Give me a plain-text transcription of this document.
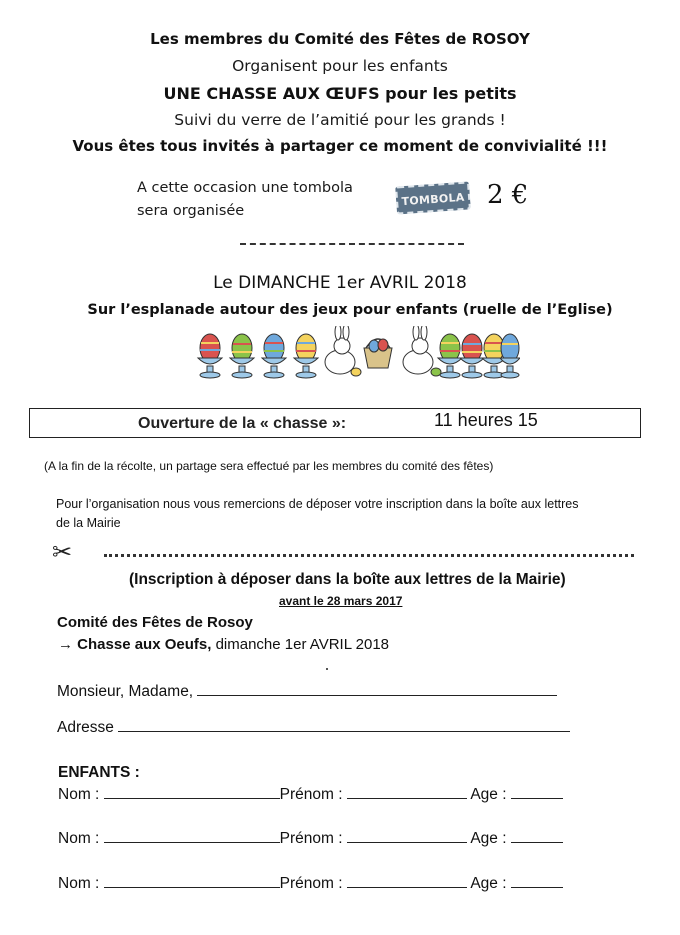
Les membres du Comité des Fêtes de ROSOY
Organisent pour les enfants
UNE CHASSE AUX ŒUFS pour les petits
Suivi du verre de l’amitié pour les grands !
Vous êtes tous invités à partager ce moment de convivialité !!!
A cette occasion une tombola
sera organisée
TOMBOLA 2 €
Le DIMANCHE 1er AVRIL 2018
Sur l’esplanade autour des jeux pour enfants (ruelle de l’Eglise)
Ouverture de la « chasse »:	11 heures 15
(A la fin de la récolte, un partage sera effectué par les membres du comité des fêtes)
Pour l’organisation nous vous remercions de déposer votre inscription dans la boîte aux lettres
de la Mairie
✂
(Inscription à déposer dans la boîte aux lettres de la Mairie)
avant le 28 mars 2017
Comité des Fêtes de Rosoy
→ Chasse aux Oeufs, dimanche 1er AVRIL 2018
Monsieur, Madame,
Adresse
ENFANTS :
Nom :	Prénom :	Age :
Nom :	Prénom :	Age :
Nom :	Prénom :	Age :
